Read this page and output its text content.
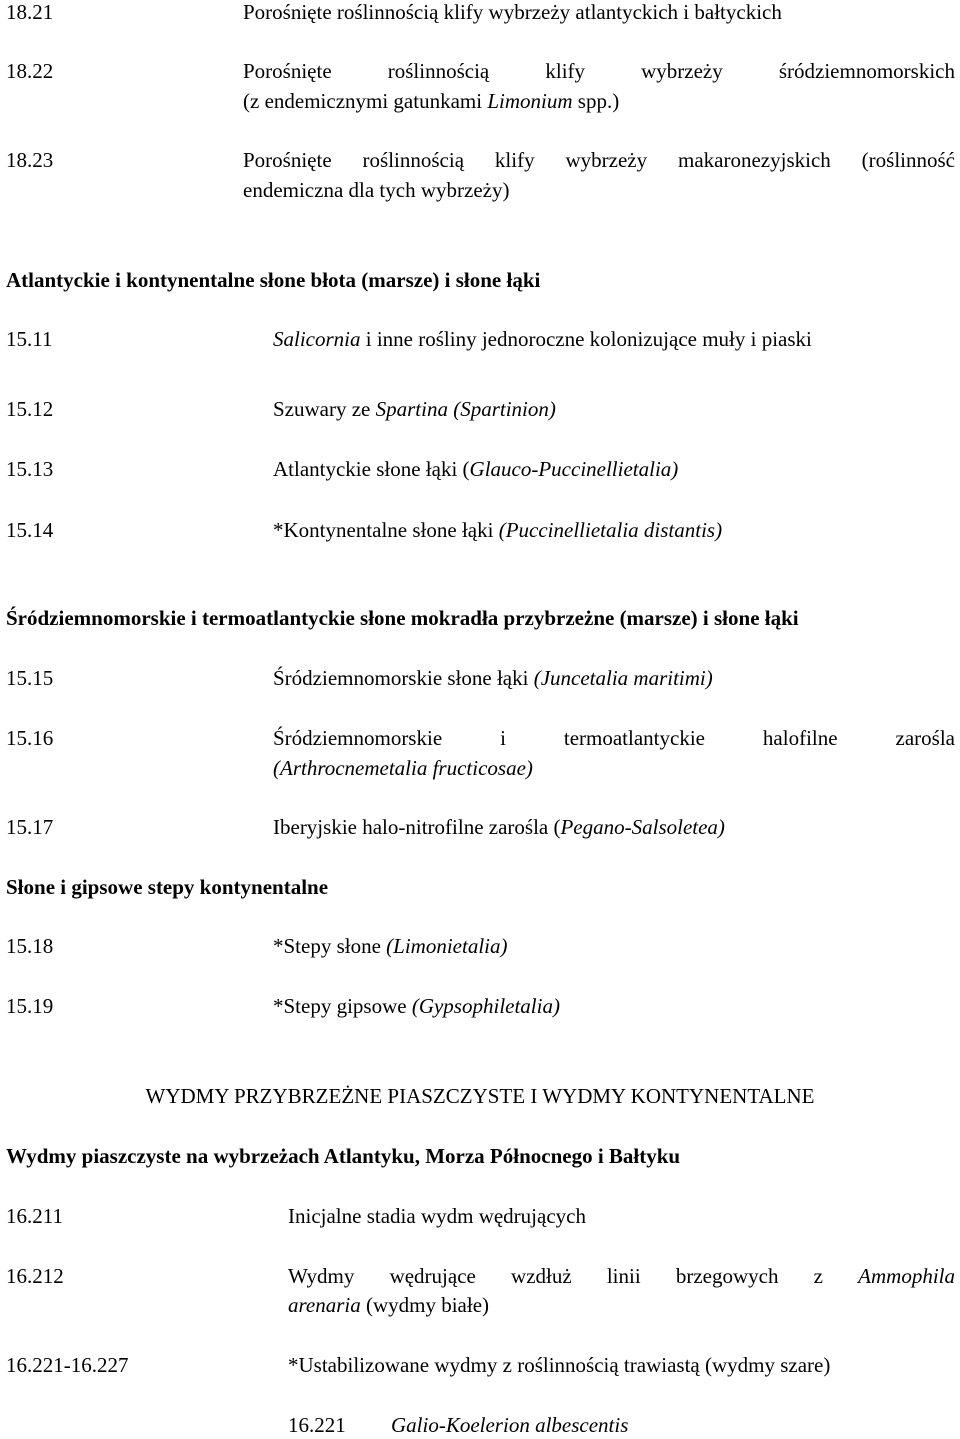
18.21	Porośnięte roślinnością klify wybrzeży atlantyckich i bałtyckich
18.22	Porośnięte roślinnością klify wybrzeży śródziemnomorskich
(z endemicznymi gatunkami Limonium spp.)
18.23	Porośnięte roślinnością klify wybrzeży makaronezyjskich (roślinność
endemiczna dla tych wybrzeży)
Atlantyckie i kontynentalne słone błota (marsze) i słone łąki
15.11	Salicornia i inne rośliny jednoroczne kolonizujące muły i piaski
15.12	Szuwary ze Spartina (Spartinion)
15.13	Atlantyckie słone łąki (Glauco-Puccinellietalia)
15.14	*Kontynentalne słone łąki (Puccinellietalia distantis)
Śródziemnomorskie i termoatlantyckie słone mokradła przybrzeżne (marsze) i słone łąki
15.15	Śródziemnomorskie słone łąki (Juncetalia maritimi)
15.16	Śródziemnomorskie i termoatlantyckie halofilne zarośla
(Arthrocnemetalia fructicosae)
15.17	Iberyjskie halo-nitrofilne zarośla (Pegano-Salsoletea)
Słone i gipsowe stepy kontynentalne
15.18	*Stepy słone (Limonietalia)
15.19	*Stepy gipsowe (Gypsophiletalia)
WYDMY PRZYBRZEŻNE PIASZCZYSTE I WYDMY KONTYNENTALNE
Wydmy piaszczyste na wybrzeżach Atlantyku, Morza Północnego i Bałtyku
16.211	Inicjalne stadia wydm wędrujących
16.212	Wydmy wędrujące wzdłuż linii brzegowych z Ammophila
arenaria (wydmy białe)
16.221-16.227	*Ustabilizowane wydmy z roślinnością trawiastą (wydmy szare)
16.221 Galio-Koelerion albescentis
